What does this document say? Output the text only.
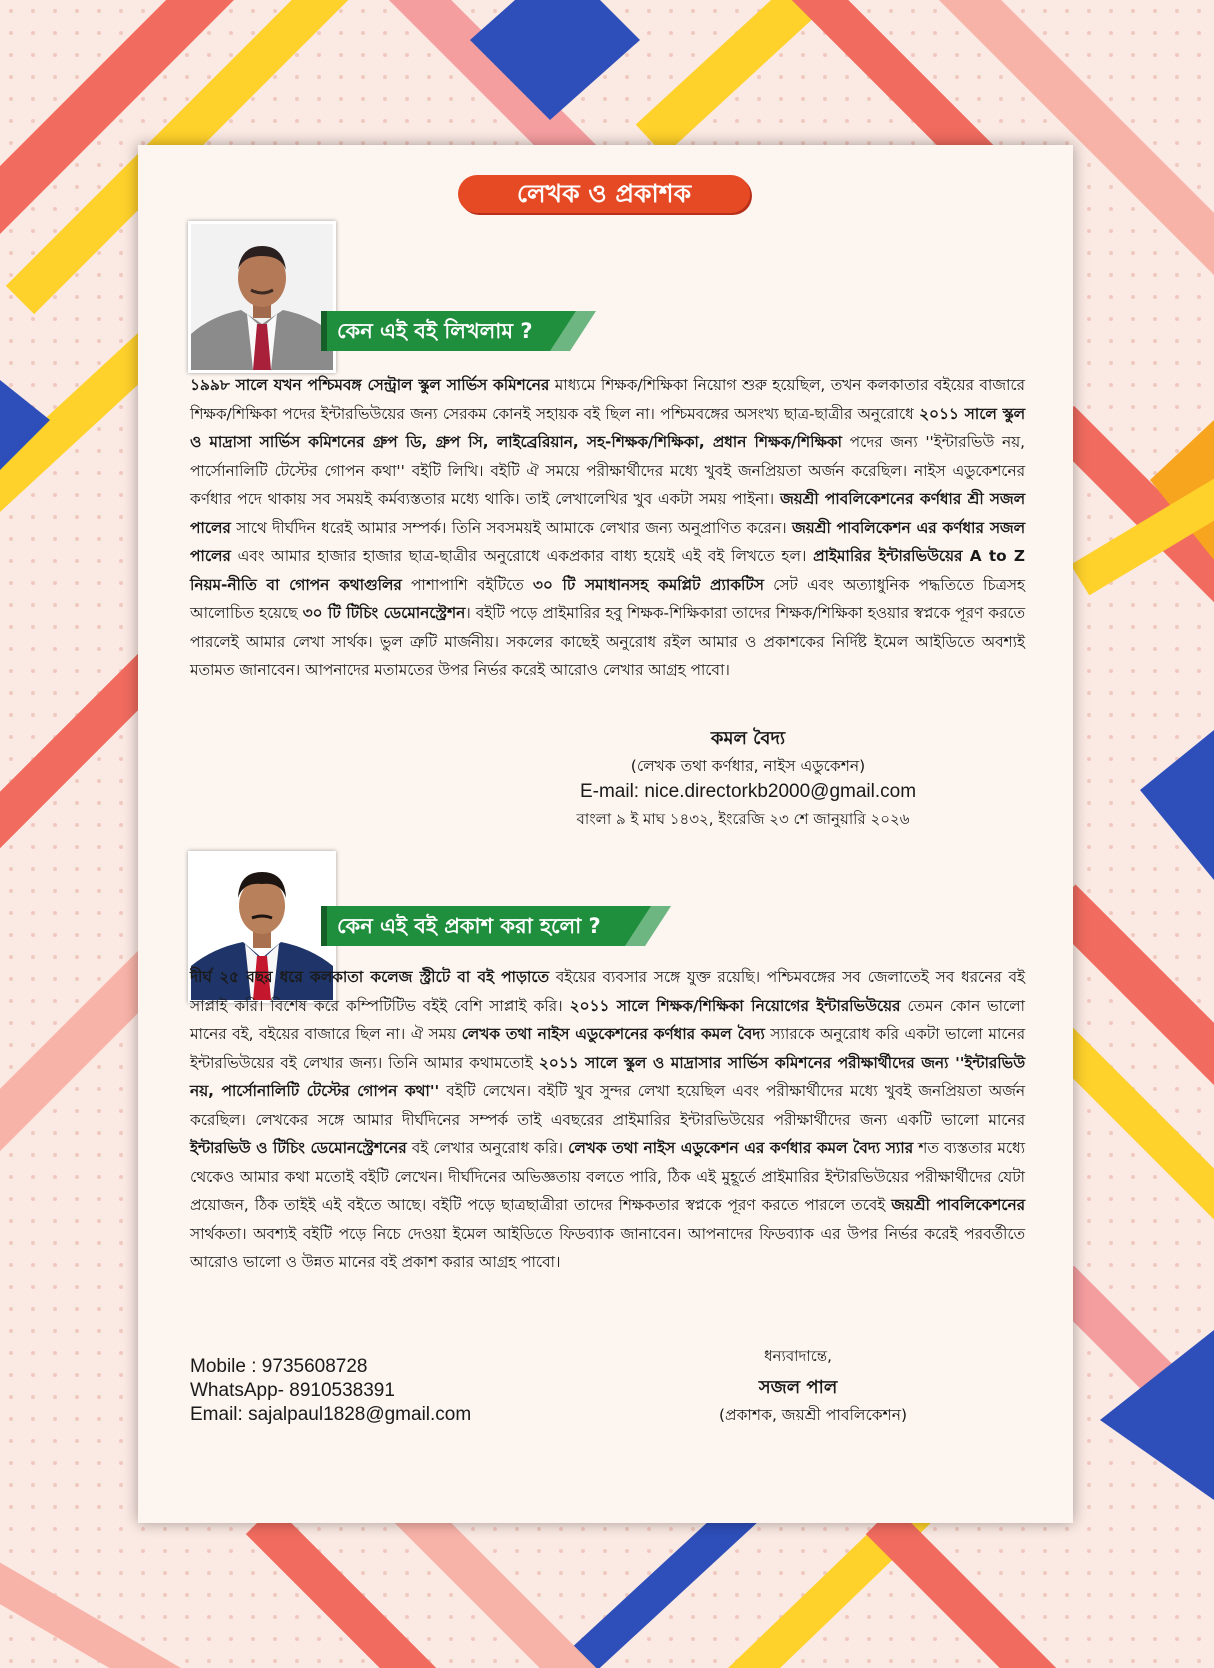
লেখক ও প্রকাশক
কেন এই বই লিখলাম ?

১৯৯৮ সালে যখন পশ্চিমবঙ্গ সেন্ট্রাল স্কুল সার্ভিস কমিশনের মাধ্যমে শিক্ষক/শিক্ষিকা নিয়োগ শুরু হয়েছিল, তখন কলকাতার বইয়ের বাজারে শিক্ষক/শিক্ষিকা পদের ইন্টারভিউয়ের জন্য সেরকম কোনই সহায়ক বই ছিল না। পশ্চিমবঙ্গের অসংখ্য ছাত্র-ছাত্রীর অনুরোধে ২০১১ সালে স্কুল ও মাদ্রাসা সার্ভিস কমিশনের গ্রুপ ডি, গ্রুপ সি, লাইব্রেরিয়ান, সহ-শিক্ষক/শিক্ষিকা, প্রধান শিক্ষক/শিক্ষিকা পদের জন্য ''ইন্টারভিউ নয়, পার্সোনালিটি টেস্টের গোপন কথা'' বইটি লিখি। বইটি ঐ সময়ে পরীক্ষার্থীদের মধ্যে খুবই জনপ্রিয়তা অর্জন করেছিল। নাইস এডুকেশনের কর্ণধার পদে থাকায় সব সময়ই কর্মব্যস্ততার মধ্যে থাকি। তাই লেখালেখির খুব একটা সময় পাইনা। জয়শ্রী পাবলিকেশনের কর্ণধার শ্রী সজল পালের সাথে দীর্ঘদিন ধরেই আমার সম্পর্ক। তিনি সবসময়ই আমাকে লেখার জন্য অনুপ্রাণিত করেন। জয়শ্রী পাবলিকেশন এর কর্ণধার সজল পালের এবং আমার হাজার হাজার ছাত্র-ছাত্রীর অনুরোধে একপ্রকার বাধ্য হয়েই এই বই লিখতে হল। প্রাইমারির ইন্টারভিউয়ের A to Z নিয়ম-নীতি বা গোপন কথাগুলির পাশাপাশি বইটিতে ৩০ টি সমাধানসহ কমপ্লিট প্র্যাকটিস সেট এবং অত্যাধুনিক পদ্ধতিতে চিত্রসহ আলোচিত হয়েছে ৩০ টি টিচিং ডেমোনস্ট্রেশন। বইটি পড়ে প্রাইমারির হবু শিক্ষক-শিক্ষিকারা তাদের শিক্ষক/শিক্ষিকা হওয়ার স্বপ্নকে পূরণ করতে পারলেই আমার লেখা সার্থক। ভুল ত্রুটি মার্জনীয়। সকলের কাছেই অনুরোধ রইল আমার ও প্রকাশকের নির্দিষ্ট ইমেল আইডিতে অবশ্যই মতামত জানাবেন। আপনাদের মতামতের উপর নির্ভর করেই আরোও লেখার আগ্রহ পাবো।

কমল বৈদ্য
(লেখক তথা কর্ণধার, নাইস এডুকেশন)
E-mail: nice.directorkb2000@gmail.com
বাংলা ৯ ই মাঘ ১৪৩২, ইংরেজি ২৩ শে জানুয়ারি ২০২৬
কেন এই বই প্রকাশ করা হলো ?

দীর্ঘ ২৫ বছর ধরে কলকাতা কলেজ স্ট্রীটে বা বই পাড়াতে বইয়ের ব্যবসার সঙ্গে যুক্ত রয়েছি। পশ্চিমবঙ্গের সব জেলাতেই সব ধরনের বই সাপ্লাই করি। বিশেষ করে কম্পিটিটিভ বইই বেশি সাপ্লাই করি। ২০১১ সালে শিক্ষক/শিক্ষিকা নিয়োগের ইন্টারভিউয়ের তেমন কোন ভালো মানের বই, বইয়ের বাজারে ছিল না। ঐ সময় লেখক তথা নাইস এডুকেশনের কর্ণধার কমল বৈদ্য স্যারকে অনুরোধ করি একটা ভালো মানের ইন্টারভিউয়ের বই লেখার জন্য। তিনি আমার কথামতোই ২০১১ সালে স্কুল ও মাদ্রাসার সার্ভিস কমিশনের পরীক্ষার্থীদের জন্য ''ইন্টারভিউ নয়, পার্সোনালিটি টেস্টের গোপন কথা'' বইটি লেখেন। বইটি খুব সুন্দর লেখা হয়েছিল এবং পরীক্ষার্থীদের মধ্যে খুবই জনপ্রিয়তা অর্জন করেছিল। লেখকের সঙ্গে আমার দীর্ঘদিনের সম্পর্ক তাই এবছরের প্রাইমারির ইন্টারভিউয়ের পরীক্ষার্থীদের জন্য একটি ভালো মানের ইন্টারভিউ ও টিচিং ডেমোনস্ট্রেশনের বই লেখার অনুরোধ করি। লেখক তথা নাইস এডুকেশন এর কর্ণধার কমল বৈদ্য স্যার শত ব্যস্ততার মধ্যে থেকেও আমার কথা মতোই বইটি লেখেন। দীর্ঘদিনের অভিজ্ঞতায় বলতে পারি, ঠিক এই মুহূর্তে প্রাইমারির ইন্টারভিউয়ের পরীক্ষার্থীদের যেটা প্রয়োজন, ঠিক তাইই এই বইতে আছে। বইটি পড়ে ছাত্রছাত্রীরা তাদের শিক্ষকতার স্বপ্নকে পূরণ করতে পারলে তবেই জয়শ্রী পাবলিকেশনের সার্থকতা। অবশ্যই বইটি পড়ে নিচে দেওয়া ইমেল আইডিতে ফিডব্যাক জানাবেন। আপনাদের ফিডব্যাক এর উপর নির্ভর করেই পরবর্তীতে আরোও ভালো ও উন্নত মানের বই প্রকাশ করার আগ্রহ পাবো।

Mobile : 9735608728
WhatsApp- 8910538391
Email: sajalpaul1828@gmail.com
ধন্যবাদান্তে,
সজল পাল
(প্রকাশক, জয়শ্রী পাবলিকেশন)
